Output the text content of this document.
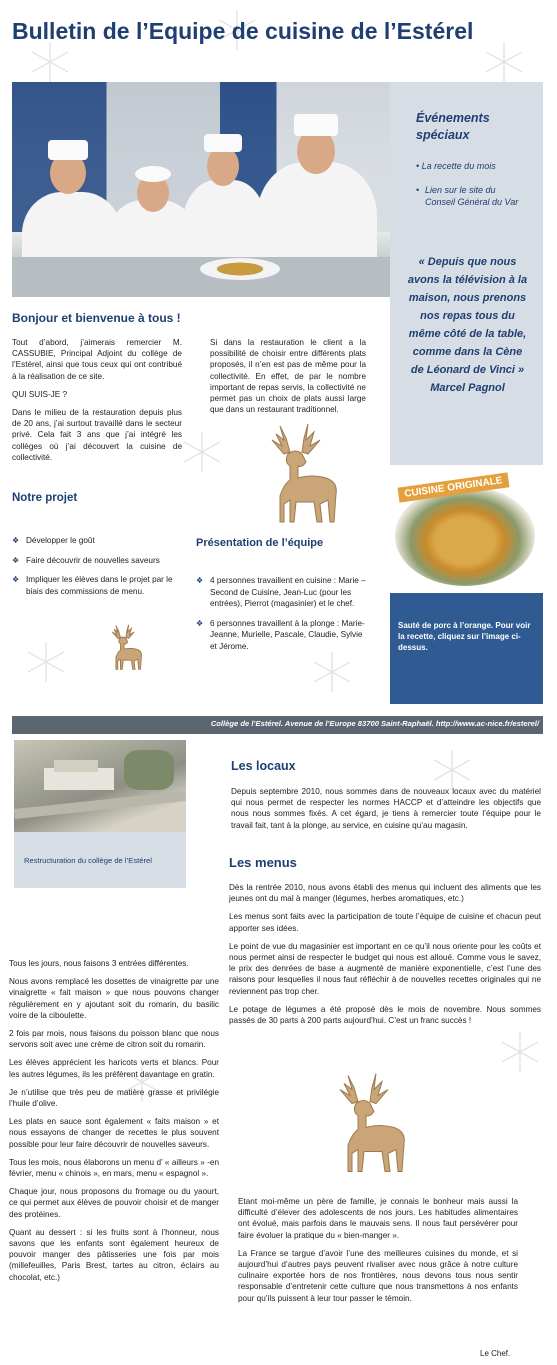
Bulletin de l’Equipe de cuisine de l’Estérel
Événements spéciaux
• La recette du mois
• Lien sur le site du Conseil Général du Var
« Depuis que nous avons la télévision à la maison, nous prenons nos repas tous du même côté de la table, comme dans la Cène de Léonard de Vinci » Marcel Pagnol
CUISINE ORIGINALE
Sauté de porc à l’orange. Pour voir la recette, cliquez sur l’image ci-dessus.
Bonjour et bienvenue à tous !

Tout d’abord, j’aimerais remercier M. CASSUBIE, Principal Adjoint du collège de l’Estérel, ainsi que tous ceux qui ont contribué à la réalisation de ce site.

QUI SUIS-JE ?

Dans le milieu de la restauration depuis plus de 20 ans, j’ai surtout travaillé dans le secteur privé. Cela fait 3 ans que j’ai intégré les collèges où j’ai découvert la cuisine de collectivité.

Si dans la restauration le client a la possibilité de choisir entre différents plats proposés, il n’en est pas de même pour la collectivité. En effet, de par le nombre important de repas servis, la collectivité ne permet pas un choix de plats aussi large que dans un restaurant traditionnel.

Notre projet
❖ Développer le goût
❖ Faire découvrir de nouvelles saveurs
❖ Impliquer les élèves dans le projet par le biais des commissions de menu.
Présentation de l’équipe
❖ 4 personnes travaillent en cuisine : Marie –Second de Cuisine, Jean-Luc (pour les entrées), Pierrot (magasinier) et le chef.
❖ 6 personnes travaillent à la plonge : Marie-Jeanne, Murielle, Pascale, Claudie, Sylvie et Jérome.
Collège de l’Estérel. Avenue de l’Europe 83700 Saint-Raphaël. http://www.ac-nice.fr/esterel/
Restructuration du collège de l’Estérel
Les locaux

Depuis septembre 2010, nous sommes dans de nouveaux locaux avec du matériel qui nous permet de respecter les normes HACCP et d’atteindre les objectifs que nous nous sommes fixés. A cet égard, je tiens à remercier toute l’équipe pour le travail fait, tant à la plonge, au service, en cuisine qu’au magasin.

Les menus

Dès la rentrée 2010, nous avons établi des menus qui incluent des aliments que les jeunes ont du mal à manger (légumes, herbes aromatiques, etc.)

Les menus sont faits avec la participation de toute l’équipe de cuisine et chacun peut apporter ses idées.

Le point de vue du magasinier est important en ce qu’il nous oriente pour les coûts et nous permet ainsi de respecter le budget qui nous est alloué. Comme vous le savez, le prix des denrées de base a augmenté de manière exponentielle, c’est l’une des raisons pour lesquelles il nous faut réfléchir à de nouvelles recettes originales qui ne reviennent pas trop cher.

Le potage de légumes a été proposé dès le mois de novembre. Nous sommes passés de 30 parts à 200 parts aujourd’hui. C’est un franc succès !

Tous les jours, nous faisons 3 entrées différentes.

Nous avons remplacé les dosettes de vinaigrette par une vinaigrette « fait maison » que nous pouvons changer régulièrement en y ajoutant soit du romarin, du basilic voire de la ciboulette.

2 fois par mois, nous faisons du poisson blanc que nous servons soit avec une crème de citron soit du romarin.

Les élèves apprécient les haricots verts et blancs. Pour les autres légumes, ils les préfèrent davantage en gratin.

Je n’utilise que très peu de matière grasse et privilégie l’huile d’olive.

Les plats en sauce sont également « faits maison » et nous essayons de changer de recettes le plus souvent possible pour leur faire découvrir de nouvelles saveurs.

Tous les mois, nous élaborons un menu d’ « ailleurs » -en février, menu « chinois », en mars, menu « espagnol ».

Chaque jour, nous proposons du fromage ou du yaourt, ce qui permet aux élèves de pouvoir choisir et de manger des protéines.

Quant au dessert : si les fruits sont à l’honneur, nous savons que les enfants sont également heureux de pouvoir manger des pâtisseries une fois par mois (millefeuilles, Paris Brest, tartes au citron, éclairs au chocolat, etc.)

Etant moi-même un père de famille, je connais le bonheur mais aussi la difficulté d’élever des adolescents de nos jours. Les habitudes alimentaires ont évolué, mais parfois dans le mauvais sens. Il nous faut persévérer pour faire évoluer la pratique du « bien-manger ».

La France se targue d’avoir l’une des meilleures cuisines du monde, et si aujourd’hui d’autres pays peuvent rivaliser avec nous grâce à notre culture culinaire exportée hors de nos frontières, nous devons tous nous sentir responsable d’entretenir cette culture que nous transmettons à nos enfants pour qu’ils puissent à leur tour passer le témoin.

Le Chef.
